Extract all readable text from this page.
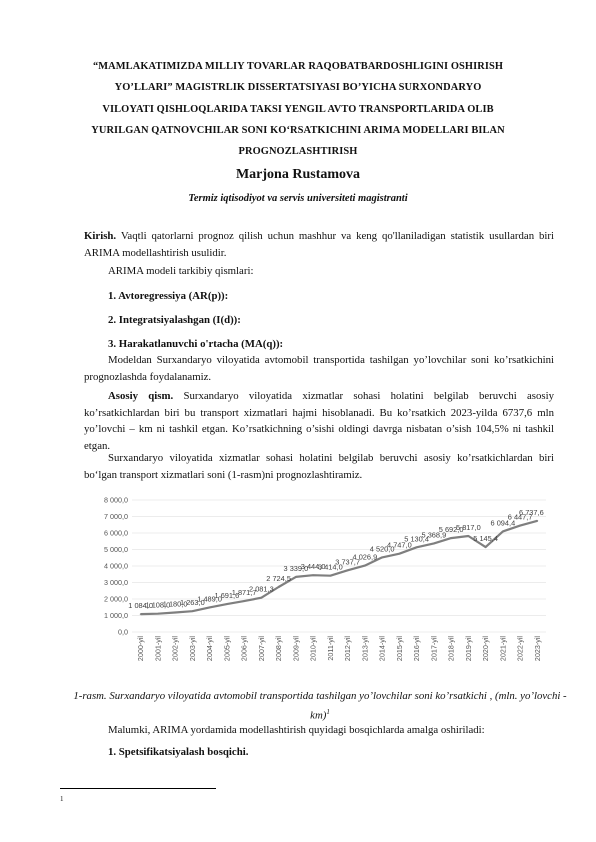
“MAMLAKATIMIZDA MILLIY TOVARLAR RAQOBATBARDOSHLIGINI OSHIRISH
YO’LLARI” MAGISTRLIK DISSERTATSIYASI BO’YICHA SURXONDARYO
VILOYATI QISHLOQLARIDA TAKSI YENGIL AVTO TRANSPORTLARIDA OLIB
YURILGAN QATNOVCHILAR SONI KO‘RSATKICHINI ARIMA MODELLARI BILAN
PROGNOZLASHTIRISH
Marjona Rustamova
Termiz iqtisodiyot va servis universiteti magistranti
Kirish. Vaqtli qatorlarni prognoz qilish uchun mashhur va keng qo'llaniladigan statistik usullardan biri ARIMA modellashtirish usulidir.
ARIMA modeli tarkibiy qismlari:
1. Avtoregressiya (AR(p)):
2. Integratsiyalashgan (I(d)):
3. Harakatlanuvchi o'rtacha (MA(q)):
Modeldan Surxandaryo viloyatida avtomobil transportida tashilgan yo’lovchilar soni ko’rsatkichini prognozlashda foydalanamiz.
Asosiy qism. Surxandaryo viloyatida xizmatlar sohasi holatini belgilab beruvchi asosiy ko’rsatkichlardan biri bu transport xizmatlari hajmi hisoblanadi. Bu ko’rsatkich 2023-yilda 6737,6 mln yo’lovchi – km ni tashkil etgan. Ko’rsatkichning o’sishi oldingi davrga nisbatan o’sish 104,5% ni tashkil etgan.
Surxandaryo viloyatida xizmatlar sohasi holatini belgilab beruvchi asosiy ko’rsatkichlardan biri bo‘lgan transport xizmatlari soni (1-rasm)ni prognozlashtiramiz.
0,0
1 000,0
2 000,0
3 000,0
4 000,0
5 000,0
6 000,0
7 000,0
8 000,0
2000-yil 2001-yil 2002-yil 2003-yil 2004-yil 2005-yil 2006-yil 2007-yil 2008-yil 2009-yil 2010-yil 2011-yil 2012-yil 2013-yil 2014-yil 2015-yil 2016-yil 2017-yil 2018-yil 2019-yil 2020-yil 2021-yil 2022-yil 2023-yil
1 084,0
1 108,0
1 180,0
1 263,0
1 489,0
1 691,6
1 871,7
2 081,3
2 724,5
3 339,0
3 444,0
3 414,0
3 737,7
4 026,9
4 520,0
4 747,0
5 130,4
5 368,9
5 692,0
5 817,0
5 145,4
6 094,4
6 447,7
6 737,6
1-rasm. Surxandaryo viloyatida avtomobil transportida tashilgan yo’lovchilar soni ko’rsatkichi , (mln. yo’lovchi - km)$^1$
Malumki, ARIMA yordamida modellashtirish quyidagi bosqichlarda amalga oshiriladi:
1. Spetsifikatsiyalash bosqichi.
1
